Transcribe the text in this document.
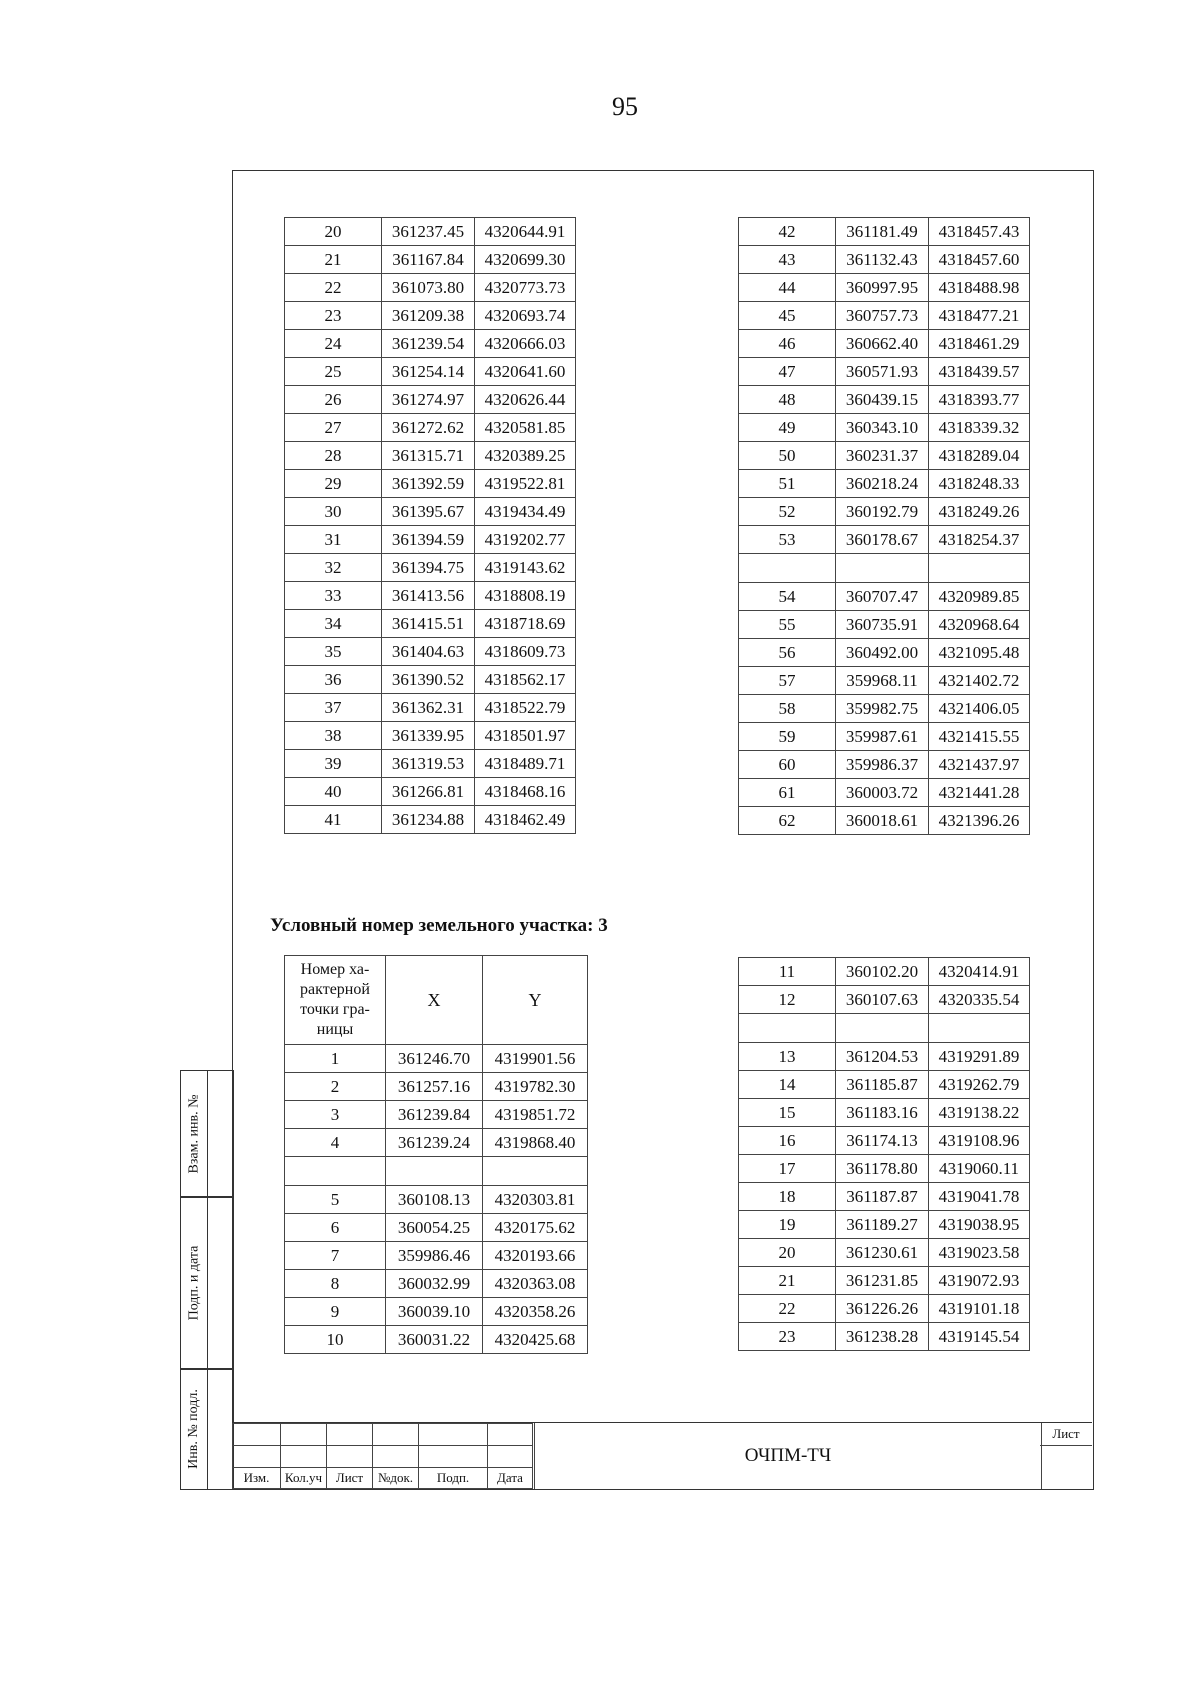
95
20	361237.45	4320644.91
21	361167.84	4320699.30
22	361073.80	4320773.73
23	361209.38	4320693.74
24	361239.54	4320666.03
25	361254.14	4320641.60
26	361274.97	4320626.44
27	361272.62	4320581.85
28	361315.71	4320389.25
29	361392.59	4319522.81
30	361395.67	4319434.49
31	361394.59	4319202.77
32	361394.75	4319143.62
33	361413.56	4318808.19
34	361415.51	4318718.69
35	361404.63	4318609.73
36	361390.52	4318562.17
37	361362.31	4318522.79
38	361339.95	4318501.97
39	361319.53	4318489.71
40	361266.81	4318468.16
41	361234.88	4318462.49
42	361181.49	4318457.43
43	361132.43	4318457.60
44	360997.95	4318488.98
45	360757.73	4318477.21
46	360662.40	4318461.29
47	360571.93	4318439.57
48	360439.15	4318393.77
49	360343.10	4318339.32
50	360231.37	4318289.04
51	360218.24	4318248.33
52	360192.79	4318249.26
53	360178.67	4318254.37

54	360707.47	4320989.85
55	360735.91	4320968.64
56	360492.00	4321095.48
57	359968.11	4321402.72
58	359982.75	4321406.05
59	359987.61	4321415.55
60	359986.37	4321437.97
61	360003.72	4321441.28
62	360018.61	4321396.26
Условный номер земельного участка: 3
Номер ха-рактерной точки гра-ницы	X	Y
1	361246.70	4319901.56
2	361257.16	4319782.30
3	361239.84	4319851.72
4	361239.24	4319868.40

5	360108.13	4320303.81
6	360054.25	4320175.62
7	359986.46	4320193.66
8	360032.99	4320363.08
9	360039.10	4320358.26
10	360031.22	4320425.68
11	360102.20	4320414.91
12	360107.63	4320335.54

13	361204.53	4319291.89
14	361185.87	4319262.79
15	361183.16	4319138.22
16	361174.13	4319108.96
17	361178.80	4319060.11
18	361187.87	4319041.78
19	361189.27	4319038.95
20	361230.61	4319023.58
21	361231.85	4319072.93
22	361226.26	4319101.18
23	361238.28	4319145.54
Взам. инв. №
Подп. и дата
Инв. № подл.

Изм.	Кол.уч	Лист	№док.	Подп.	Дата
ОЧПМ-ТЧ
Лист
